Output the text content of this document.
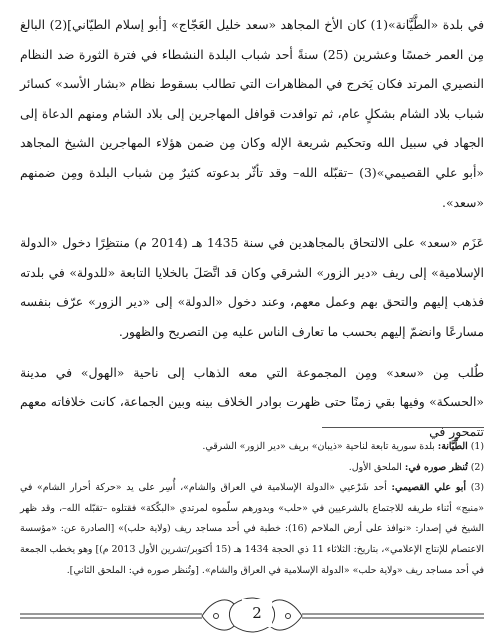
في بلدة «الطَّيَّانة»(1) كان الأخ المجاهد «سعد خليل العَجّاج» [أبو إسلام الطيّاني](2) البالغ مِن العمر خمسًا وعشرين (25) سنةً أحد شباب البلدة النشطاء في فترة الثورة ضد النظام النصيري المرتد فكان يَخرج في المظاهرات التي تطالب بسقوط نظام «بشار الأسد» كسائر شباب بلاد الشام بشكلٍ عام، ثم توافدت قوافل المهاجرين إلى بلاد الشام ومنهم الدعاة إلى الجهاد في سبيل الله وتحكيم شريعة الإله وكان مِن ضمن هؤلاء المهاجرين الشيخ المجاهد «أبو علي القصيمي»(3) –تقبّله الله– وقد تأثّر بدعوته كثيرٌ مِن شباب البلدة ومِن ضمنهم «سعد».

عَزَم «سعد» على الالتحاق بالمجاهدين في سنة 1435 هـ (2014 م) منتظِرًا دخول «الدولة الإسلامية» إلى ريف «دير الزور» الشرقي وكان قد اتَّصَلَ بالخلايا التابعة «للدولة» في بلدته فذهب إليهم والتحق بهم وعمل معهم، وعند دخول «الدولة» إلى «دير الزور» عرّف بنفسه مسارعًا وانضمّ إليهم بحسب ما تعارف الناس عليه مِن التصريح والظهور.

طُلب مِن «سعد» ومِن المجموعة التي معه الذهاب إلى ناحية «الهول» في مدينة «الحسكة» وفيها بقي زمنًا حتى ظهرت بوادر الخلاف بينه وبين الجماعة، كانت خلافاته معهم تتمحور في

(1) الطَّيَّانة: بلدة سورية تابعة لناحية «ذيبان» بريف «دير الزور» الشرقي.

(2) تُنظر صوره في: الملحق الأول.

(3) أبو علي القصيمي: أحد شَرْعيي «الدولة الإسلامية في العراق والشام»، أُسِر على يد «حركة أحرار الشام» في «منبج» أثناء طريقه للاجتماع بالشرعيين في «حلب» وبدورهم سلّموه لمرتدي «البكّكة» فقتلوه –تقبّله الله–، وقد ظهر الشيخ في إصدار: «نوافذ على أرض الملاحم (16): خطبة في أحد مساجد ريف (ولاية حلب)» [الصادرة عن: «مؤسسة الاعتصام للإنتاج الإعلامي»، بتاريخ: الثلاثاء 11 ذي الحجة 1434 هـ (15 أكتوبر/تشرين الأول 2013 م)] وهو يخطب الجمعة في أحد مساجد ريف «ولاية حلب» «الدولة الإسلامية في العراق والشام». [وتُنظر صوره في: الملحق الثاني].

2
